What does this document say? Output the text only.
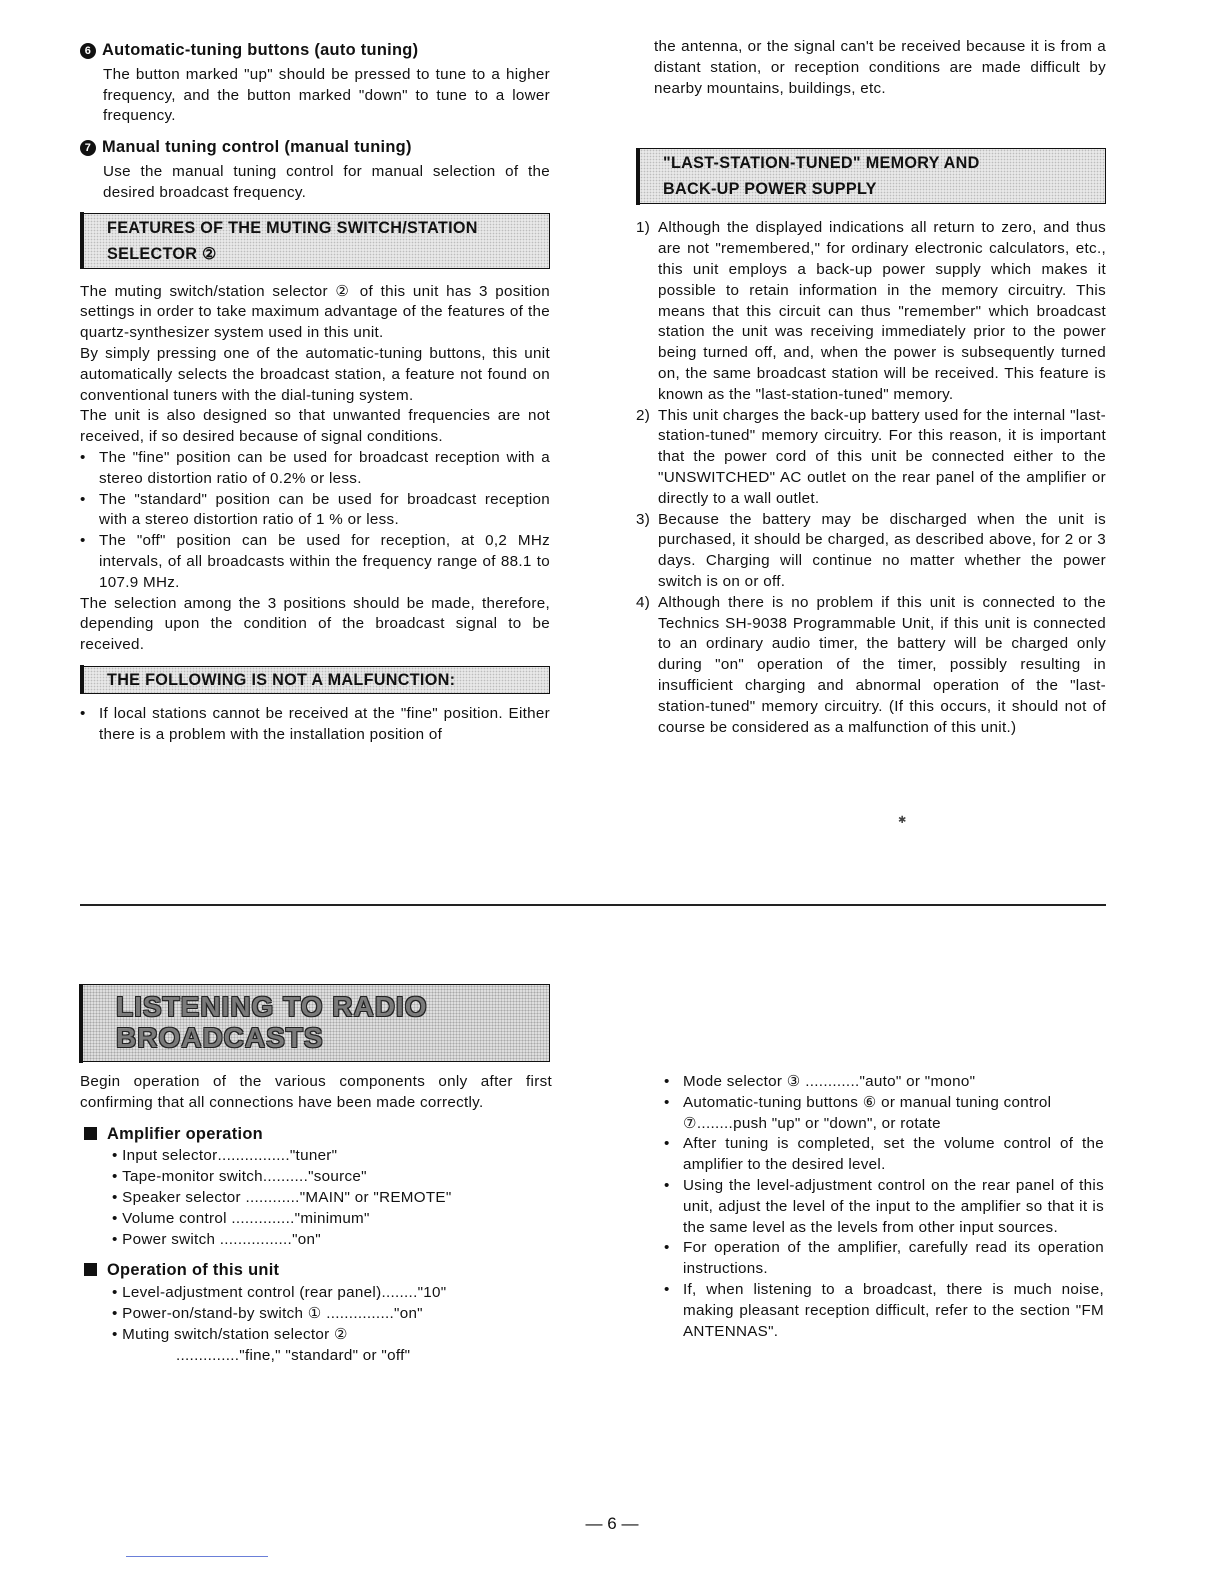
6 Automatic-tuning buttons (auto tuning)

The button marked "up" should be pressed to tune to a higher frequency, and the button marked "down" to tune to a lower frequency.

7 Manual tuning control (manual tuning)

Use the manual tuning control for manual selection of the desired broadcast frequency.

FEATURES OF THE MUTING SWITCH/STATION
SELECTOR ②

The muting switch/station selector ② of this unit has 3 position settings in order to take maximum advantage of the features of the quartz-synthesizer system used in this unit.

By simply pressing one of the automatic-tuning buttons, this unit automatically selects the broadcast station, a feature not found on conventional tuners with the dial-tuning system.

The unit is also designed so that unwanted frequencies are not received, if so desired because of signal conditions.

• The "fine" position can be used for broadcast reception with a stereo distortion ratio of 0.2% or less.
• The "standard" position can be used for broadcast reception with a stereo distortion ratio of 1 % or less.
• The "off" position can be used for reception, at 0,2 MHz intervals, of all broadcasts within the frequency range of 88.1 to 107.9 MHz.

The selection among the 3 positions should be made, therefore, depending upon the condition of the broadcast signal to be received.

THE FOLLOWING IS NOT A MALFUNCTION:
• If local stations cannot be received at the "fine" position. Either there is a problem with the installation position of

the antenna, or the signal can't be received because it is from a distant station, or reception conditions are made difficult by nearby mountains, buildings, etc.

"LAST-STATION-TUNED" MEMORY AND
BACK-UP POWER SUPPLY
1) Although the displayed indications all return to zero, and thus are not "remembered," for ordinary electronic calculators, etc., this unit employs a back-up power supply which makes it possible to retain information in the memory circuitry. This means that this circuit can thus "remember" which broadcast station the unit was receiving immediately prior to the power being turned off, and, when the power is subsequently turned on, the same broadcast station will be received. This feature is known as the "last-station-tuned" memory.
2) This unit charges the back-up battery used for the internal "last-station-tuned" memory circuitry. For this reason, it is important that the power cord of this unit be connected either to the "UNSWITCHED" AC outlet on the rear panel of the amplifier or directly to a wall outlet.
3) Because the battery may be discharged when the unit is purchased, it should be charged, as described above, for 2 or 3 days. Charging will continue no matter whether the power switch is on or off.
4) Although there is no problem if this unit is connected to the Technics SH-9038 Programmable Unit, if this unit is connected to an ordinary audio timer, the battery will be charged only during "on" operation of the timer, possibly resulting in insufficient charging and abnormal operation of the "last-station-tuned" memory circuitry. (If this occurs, it should not of course be considered as a malfunction of this unit.)
✱
LISTENING TO RADIO
BROADCASTS

Begin operation of the various components only after first confirming that all connections have been made correctly.

Amplifier operation

• Input selector ................ "tuner"
• Tape-monitor switch .......... "source"
• Speaker selector
............ "MAIN" or "REMOTE"
• Volume control
.............. "minimum"
• Power switch
................ "on"

Operation of this unit

• Level-adjustment control (rear panel) ........ "10"
• Power-on/stand-by switch ①
............... "on"
• Muting switch/station selector ②
.............."fine," "standard" or "off"
• Mode selector ③ ............"auto" or "mono"
• Automatic-tuning buttons ⑥ or manual tuning control ⑦........push "up" or "down", or rotate
• After tuning is completed, set the volume control of the amplifier to the desired level.
• Using the level-adjustment control on the rear panel of this unit, adjust the level of the input to the amplifier so that it is the same level as the levels from other input sources.
• For operation of the amplifier, carefully read its operation instructions.
• If, when listening to a broadcast, there is much noise, making pleasant reception difficult, refer to the section "FM ANTENNAS".
— 6 —
